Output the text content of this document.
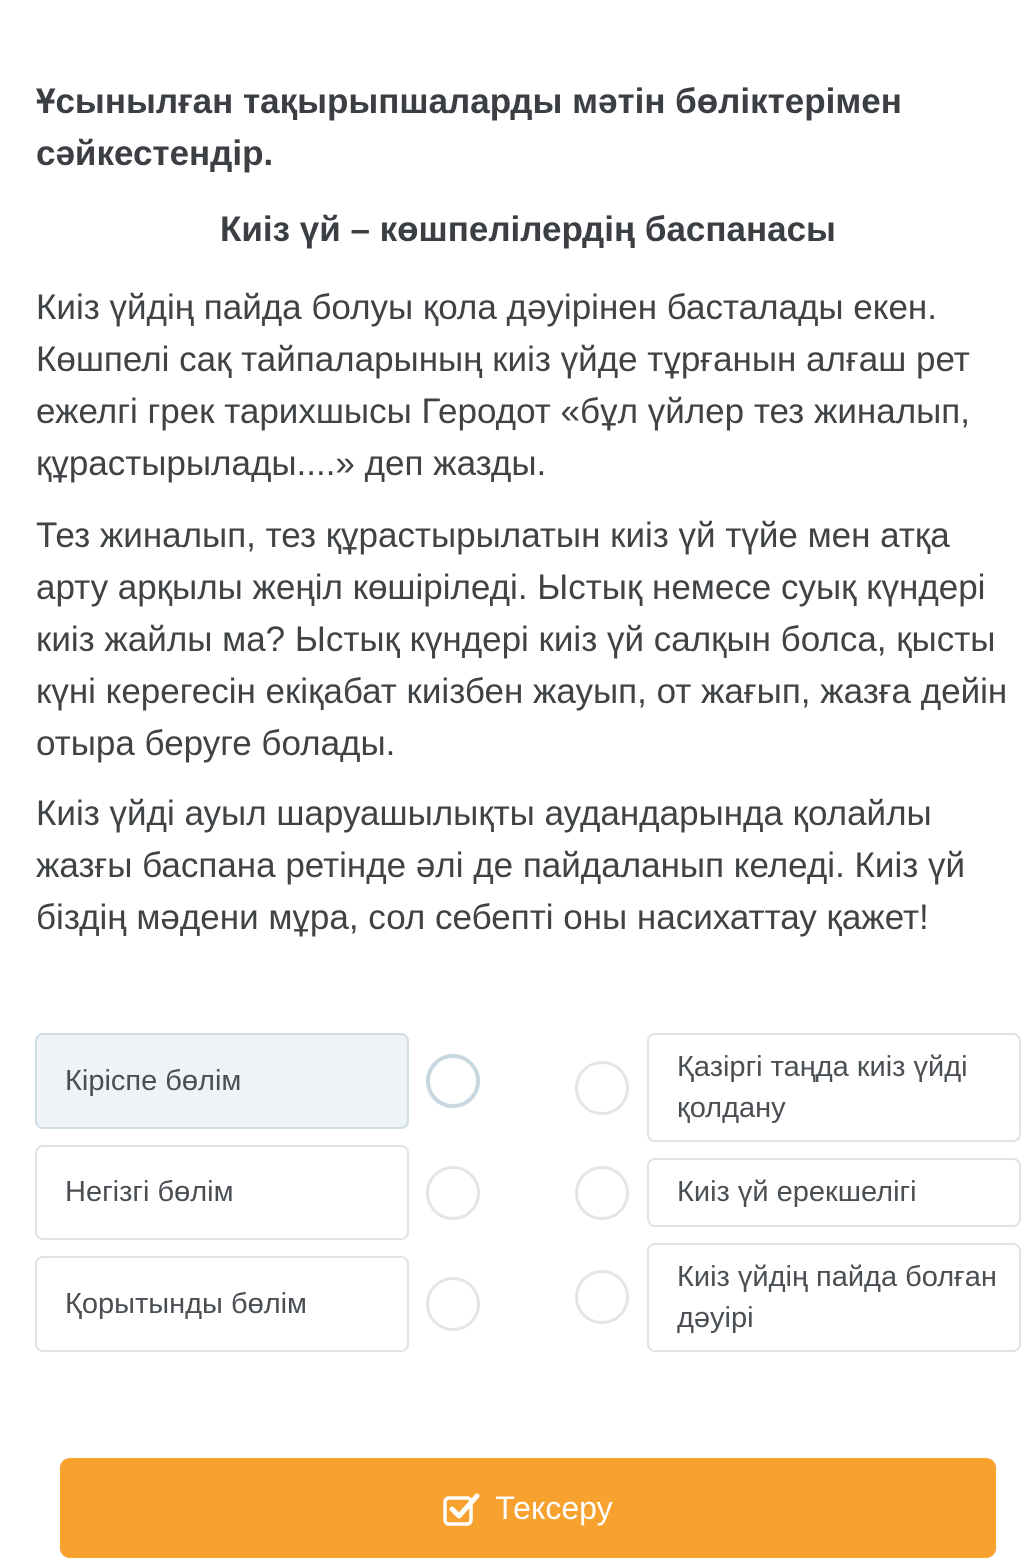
Ұсынылған тақырыпшаларды мәтін бөліктерімен сәйкестендір.
Киіз үй – көшпелілердің баспанасы

Киіз үйдің пайда болуы қола дәуірінен басталады екен. Көшпелі сақ тайпаларының киіз үйде тұрғанын алғаш рет ежелгі грек тарихшысы Геродот «бұл үйлер тез жиналып, құрастырылады....» деп жазды.

Тез жиналып, тез құрастырылатын киіз үй түйе мен атқа арту арқылы жеңіл көшіріледі. Ыстық немесе суық күндері киіз жайлы ма? Ыстық күндері киіз үй салқын болса, қысты күні керегесін екіқабат киізбен жауып, от жағып, жазға дейін отыра беруге болады.

Киіз үйді ауыл шаруашылықты аудандарында қолайлы жазғы баспана ретінде әлі де пайдаланып келеді. Киіз үй біздің мәдени мұра, сол себепті оны насихаттау қажет!

Кіріспе бөлім
Негізгі бөлім
Қорытынды бөлім
Қазіргі таңда киіз үйді қолдану
Киіз үй ерекшелігі
Киіз үйдің пайда болған дәуірі
Тексеру
